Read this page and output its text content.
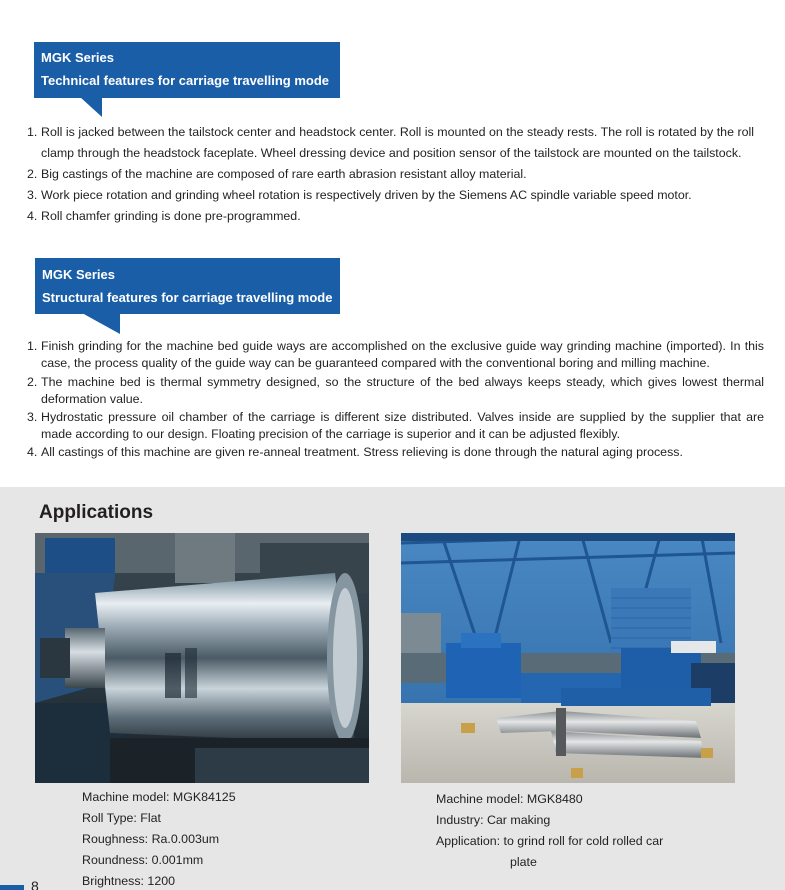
MGK Series
Technical features for carriage travelling mode
1. Roll is jacked between the tailstock center and headstock center. Roll is mounted on the steady rests. The roll is rotated by the roll clamp through the headstock faceplate. Wheel dressing device and position sensor of the tailstock are mounted on the tailstock.
2. Big castings of the machine are composed of rare earth abrasion resistant alloy material.
3. Work piece rotation and grinding wheel rotation is respectively driven by the Siemens AC spindle variable speed motor.
4. Roll chamfer grinding is done pre-programmed.
MGK Series
Structural features for carriage travelling mode
1. Finish grinding for the machine bed guide ways are accomplished on the exclusive guide way grinding machine (imported). In this case, the process quality of the guide way can be guaranteed compared with the conventional boring and milling machine.
2. The machine bed is thermal symmetry designed, so the structure of the bed always keeps steady, which gives lowest thermal deformation value.
3. Hydrostatic pressure oil chamber of the carriage is different size distributed. Valves inside are supplied by the supplier that are made according to our design. Floating precision of the carriage is superior and it can be adjusted flexibly.
4. All castings of this machine are given re-anneal treatment. Stress relieving is done through the natural aging process.
Applications
Machine model: MGK84125
Roll Type: Flat
Roughness: Ra.0.003um
Roundness: 0.001mm
Brightness: 1200
Machine model: MGK8480
Industry: Car making
Application: to grind roll for cold rolled car
plate
8
